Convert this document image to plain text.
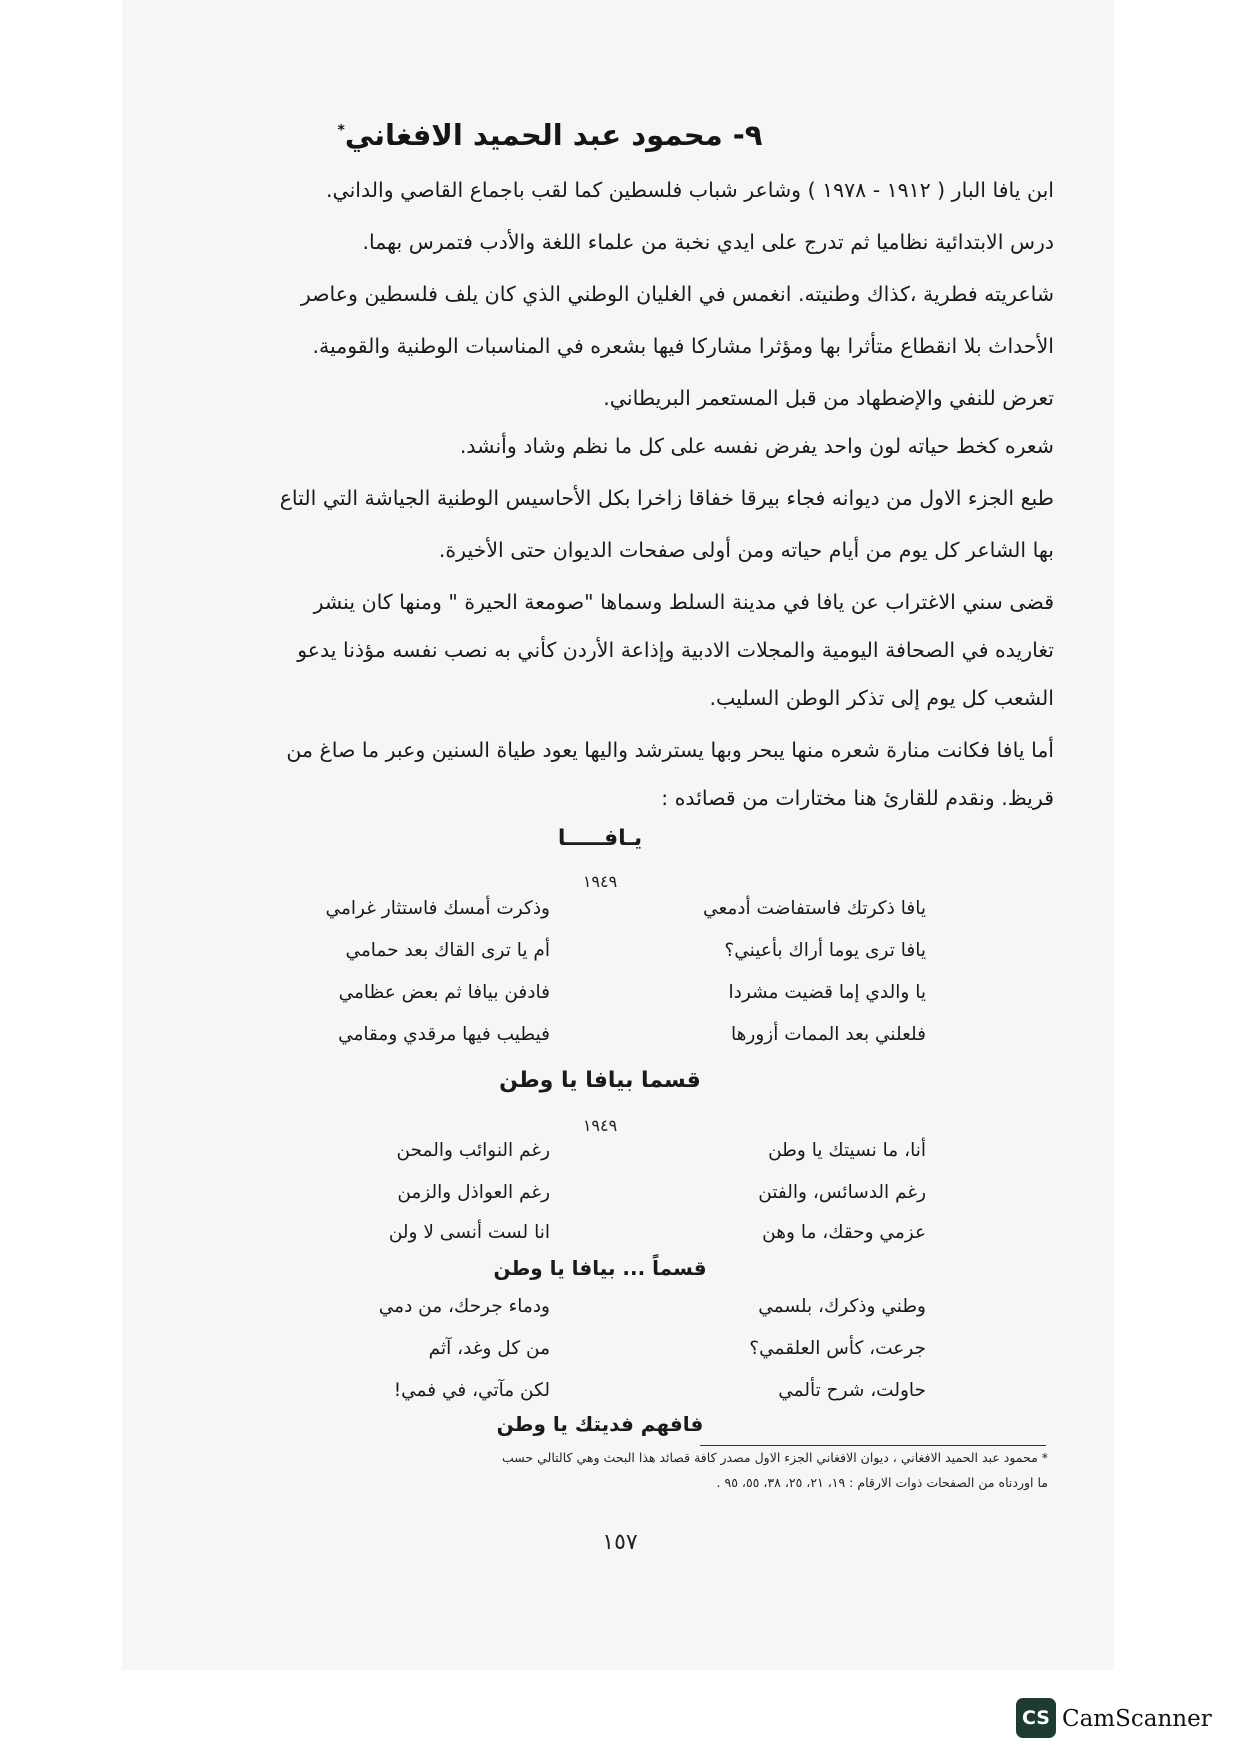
٩- محمود عبد الحميد الافغاني*
ابن يافا البار ( ١٩١٢ - ١٩٧٨ ) وشاعر شباب فلسطين كما لقب باجماع القاصي والداني.
درس الابتدائية نظاميا ثم تدرج على ايدي نخبة من علماء اللغة والأدب فتمرس بهما.
شاعريته فطرية ،كذاك وطنيته. انغمس في الغليان الوطني الذي كان يلف فلسطين وعاصر
الأحداث بلا انقطاع متأثرا بها ومؤثرا مشاركا فيها بشعره في المناسبات الوطنية والقومية.
تعرض للنفي والإضطهاد من قبل المستعمر البريطاني.
شعره كخط حياته لون واحد يفرض نفسه على كل ما نظم وشاد وأنشد.
طبع الجزء الاول من ديوانه فجاء بيرقا خفاقا زاخرا بكل الأحاسيس الوطنية الجياشة التي التاع
بها الشاعر كل يوم من أيام حياته ومن أولى صفحات الديوان حتى الأخيرة.
قضى سني الاغتراب عن يافا في مدينة السلط وسماها "صومعة الحيرة " ومنها كان ينشر
تغاريده في الصحافة اليومية والمجلات الادبية وإذاعة الأردن كأني به نصب نفسه مؤذنا يدعو
الشعب كل يوم إلى تذكر الوطن السليب.
أما يافا فكانت منارة شعره منها يبحر وبها يسترشد واليها يعود طياة السنين وعبر ما صاغ من
قريظ. ونقدم للقارئ هنا مختارات من قصائده :
يـافـــــا
١٩٤٩
يافا ذكرتك فاستفاضت أدمعي
وذكرت أمسك فاستثار غرامي
يافا ترى يوما أراك بأعيني؟
أم يا ترى القاك بعد حمامي
يا والدي إما قضيت مشردا
فادفن بيافا ثم بعض عظامي
فلعلني بعد الممات أزورها
فيطيب فيها مرقدي ومقامي
قسما بيافا يا وطن
١٩٤٩
أنا، ما نسيتك يا وطن
رغم النوائب والمحن
رغم الدسائس، والفتن
رغم العواذل والزمن
عزمي وحقك، ما وهن
انا لست أنسى لا ولن
قسماً ... بيافا يا وطن
وطني وذكرك، بلسمي
ودماء جرحك، من دمي
جرعت، كأس العلقمي؟
من كل وغد، آثم
حاولت، شرح تألمي
لكن مآتي، في فمي!
فافهم فديتك يا وطن
* محمود عبد الحميد الافغاني ، ديوان الافغاني الجزء الاول مصدر كافة قصائد هذا البحث وهي كالتالي حسب
ما اوردناه من الصفحات ذوات الارقام : ١٩، ٢١، ٢٥، ٣٨، ٥٥، ٩٥ .
١٥٧
CS CamScanner
